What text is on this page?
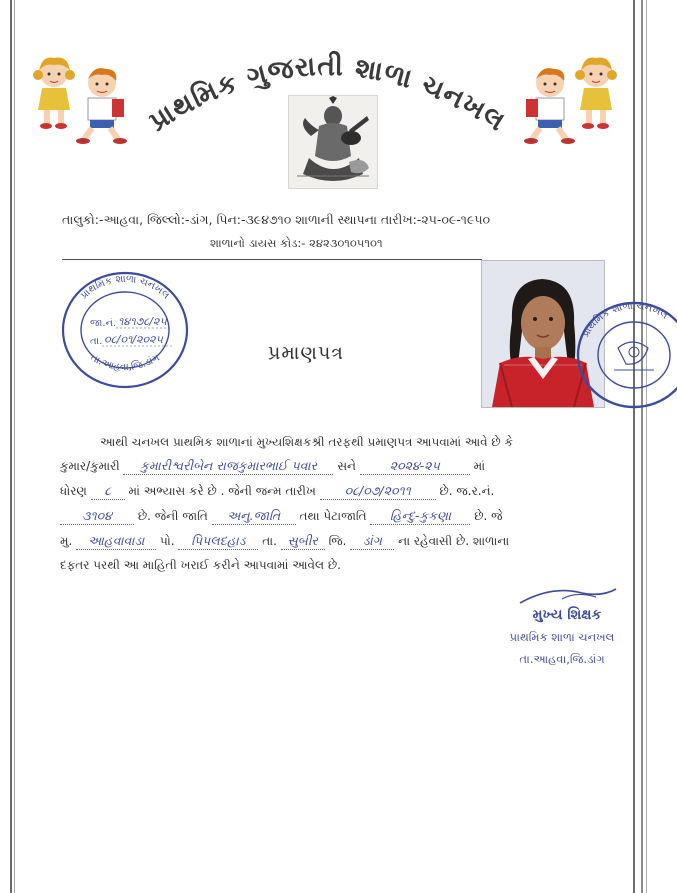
પ્રાથમિક ગુજરાતી શાળા ચનખલ
તાલુકો:-આહવા, જિલ્લો:-ડાંગ, પિન:-૩૯૪૭૧૦ શાળાની સ્થાપના તારીખ:-૨૫-૦૯-૧૯૫૦
શાળાનો ડાયસ કોડ:- ૨૪૨૩૦૧૦૫૧૦૧
પ્રાથમિક શાળા ચનખલ
તા.આહવા,જિ.ડાંગ
જા.નં. ૧૪૧૭૮/૨૫
તા. ૦૮/૦૧/૨૦૨૫
પ્રાથમિક શાળા ચનખલ
પ્રમાણપત્ર
આથી ચનખલ પ્રાથમિક શાળાનાં મુખ્યશિક્ષકશ્રી તરફથી પ્રમાણપત્ર આપવામાં આવે છે કે
કુમાર/કુમારી કુમારીશ્વરીબેન રાજકુમારભાઈ પવાર સને	૨૦૨૪-૨૫	માં
ધોરણ ૮ માં અભ્યાસ કરે છે . જેની જન્મ તારીખ ૦૮/૦૭/૨૦૧૧ છે. જ.ર.નં.
૩૧૦૪ છે. જેની જાતિ અનુ.જાતિ તથા પેટાજાતિ હિન્દુ-કુકણા છે. જે
મુ. આહવાવાડા પો. પિપલદહાડ તા. સુબીર જિ. ડાંગ ના રહેવાસી છે. શાળાના
દફતર પરથી આ માહિતી ખરાઈ કરીને આપવામાં આવેલ છે.
મુખ્ય શિક્ષક
પ્રાથમિક શાળા ચનખલ
તા.આહવા,જિ.ડાંગ
